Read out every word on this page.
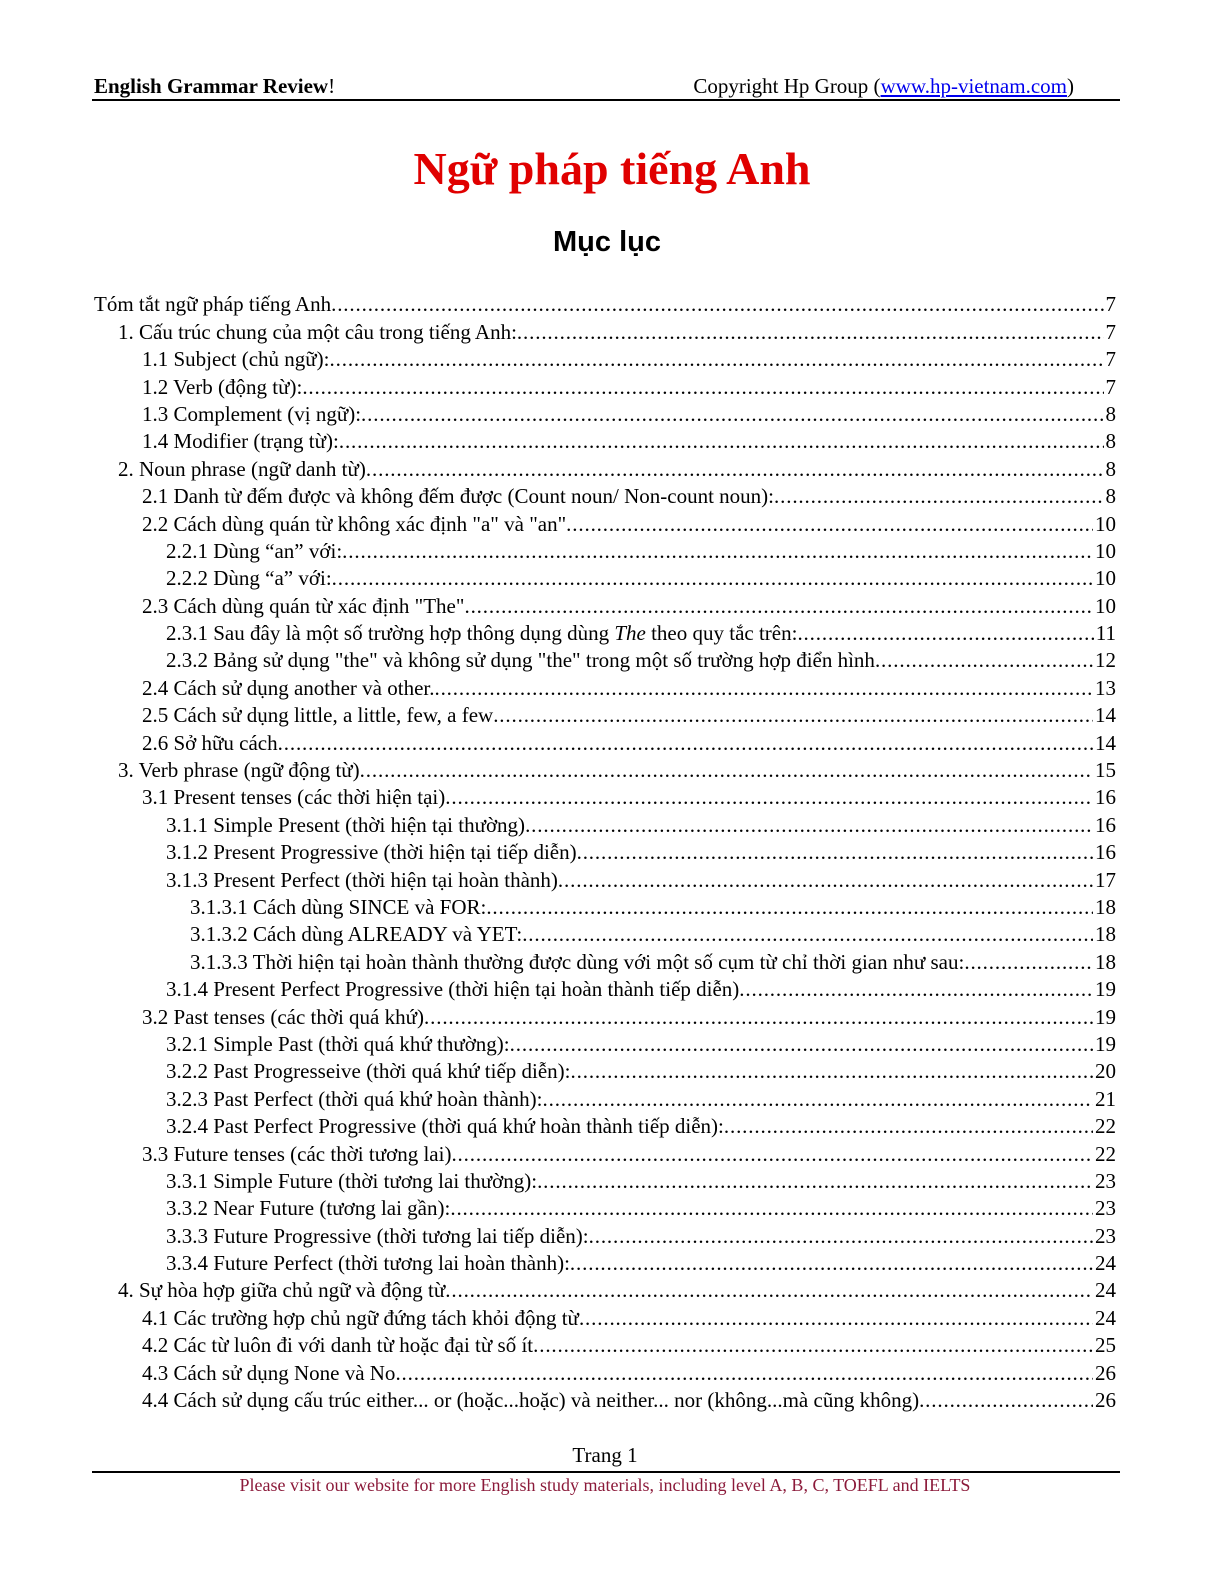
English Grammar Review!	Copyright Hp Group (www.hp-vietnam.com)
Ngữ pháp tiếng Anh
Mục lục
Tóm tắt ngữ pháp tiếng Anh . . .	7
1. Cấu trúc chung của một câu trong tiếng Anh: . . .	7
1.1 Subject (chủ ngữ): . . .	7
1.2 Verb (động từ): . . .	7
1.3 Complement (vị ngữ): . . .	8
1.4 Modifier (trạng từ): . . .	8
2. Noun phrase (ngữ danh từ) . . .	8
2.1 Danh từ đếm được và không đếm được (Count noun/ Non-count noun): . . .	8
2.2 Cách dùng quán từ không xác định "a" và "an" . . .	10
2.2.1 Dùng “an” với: . . .	10
2.2.2 Dùng “a” với: . . .	10
2.3 Cách dùng quán từ xác định "The" . . .	10
2.3.1 Sau đây là một số trường hợp thông dụng dùng The theo quy tắc trên: . . .	11
2.3.2 Bảng sử dụng "the" và không sử dụng "the" trong một số trường hợp điển hình . . .	12
2.4 Cách sử dụng another và other. . . .	13
2.5 Cách sử dụng little, a little, few, a few . . .	14
2.6 Sở hữu cách . . .	14
3. Verb phrase (ngữ động từ) . . .	15
3.1 Present tenses (các thời hiện tại) . . .	16
3.1.1 Simple Present (thời hiện tại thường) . . .	16
3.1.2 Present Progressive (thời hiện tại tiếp diễn) . . .	16
3.1.3 Present Perfect (thời hiện tại hoàn thành) . . .	17
3.1.3.1 Cách dùng SINCE và FOR: . . .	18
3.1.3.2 Cách dùng ALREADY và YET: . . .	18
3.1.3.3 Thời hiện tại hoàn thành thường được dùng với một số cụm từ chỉ thời gian như sau: . . .	18
3.1.4 Present Perfect Progressive (thời hiện tại hoàn thành tiếp diễn) . . .	19
3.2 Past tenses (các thời quá khứ) . . .	19
3.2.1 Simple Past (thời quá khứ thường): . . .	19
3.2.2 Past Progresseive (thời quá khứ tiếp diễn): . . .	20
3.2.3 Past Perfect (thời quá khứ hoàn thành): . . .	21
3.2.4 Past Perfect Progressive (thời quá khứ hoàn thành tiếp diễn): . . .	22
3.3 Future tenses (các thời tương lai) . . .	22
3.3.1 Simple Future (thời tương lai thường): . . .	23
3.3.2 Near Future (tương lai gần): . . .	23
3.3.3 Future Progressive (thời tương lai tiếp diễn): . . .	23
3.3.4 Future Perfect (thời tương lai hoàn thành): . . .	24
4. Sự hòa hợp giữa chủ ngữ và động từ . . .	24
4.1 Các trường hợp chủ ngữ đứng tách khỏi động từ . . .	24
4.2 Các từ luôn đi với danh từ hoặc đại từ số ít . . .	25
4.3 Cách sử dụng None và No . . .	26
4.4 Cách sử dụng cấu trúc either... or (hoặc...hoặc) và neither... nor (không...mà cũng không) . . .	26
Trang 1
Please visit our website for more English study materials, including level A, B, C, TOEFL and IELTS
